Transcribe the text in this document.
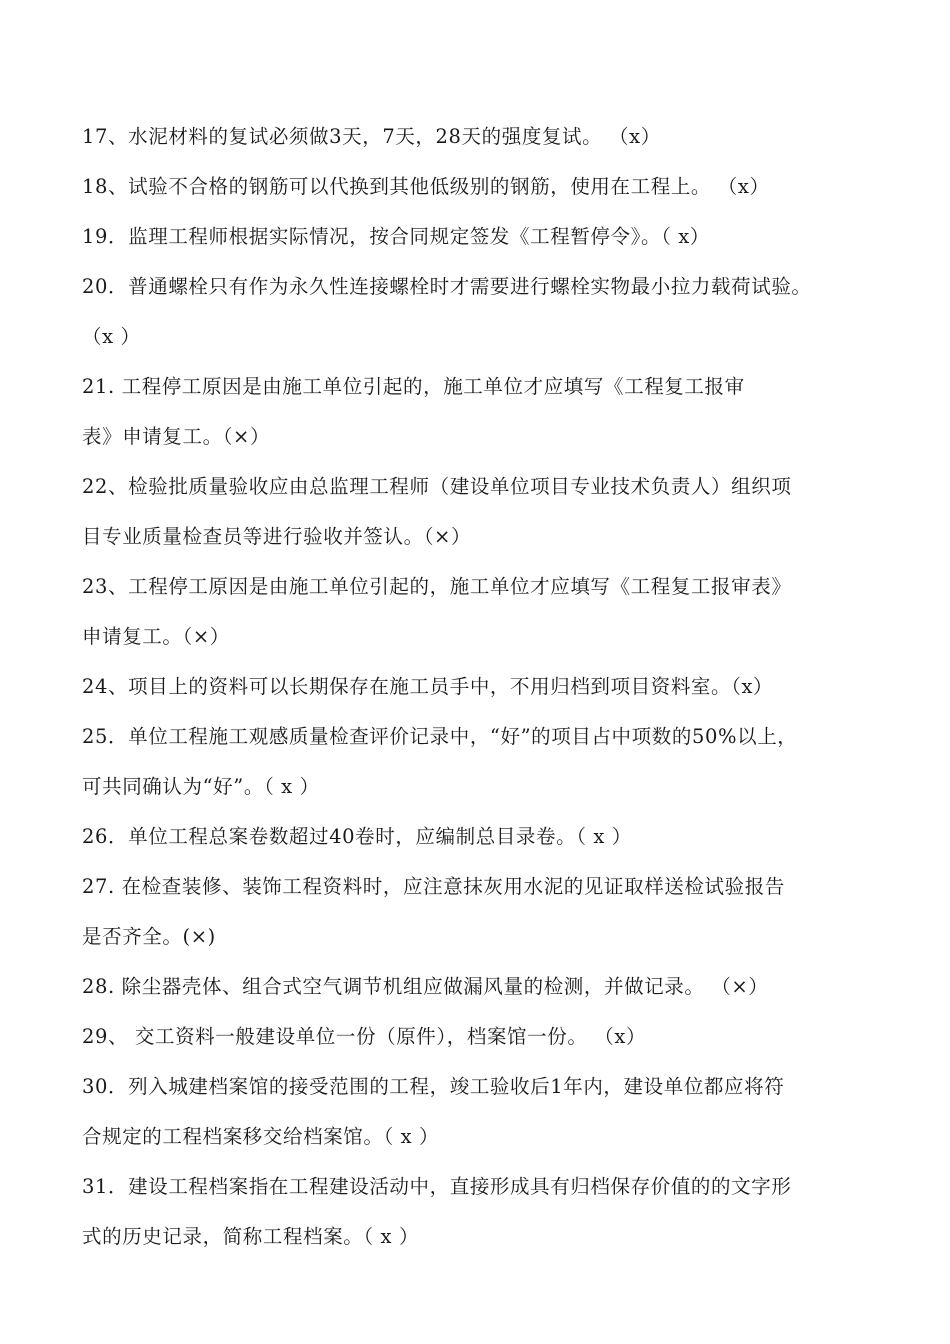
17、水泥材料的复试必须做3天，7天，28天的强度复试。 （x）
18、试验不合格的钢筋可以代换到其他低级别的钢筋，使用在工程上。 （x）
19．监理工程师根据实际情况，按合同规定签发《工程暂停令》。（ x）
20．普通螺栓只有作为永久性连接螺栓时才需要进行螺栓实物最小拉力载荷试验。
（x ）
21. 工程停工原因是由施工单位引起的，施工单位才应填写《工程复工报审
表》申请复工。（×）
22、检验批质量验收应由总监理工程师（建设单位项目专业技术负责人）组织项
目专业质量检查员等进行验收并签认。（×）
23、工程停工原因是由施工单位引起的，施工单位才应填写《工程复工报审表》
申请复工。（×）
24、项目上的资料可以长期保存在施工员手中，不用归档到项目资料室。（x）
25．单位工程施工观感质量检查评价记录中，“好”的项目占中项数的50%以上，
可共同确认为“好”。（ x ）
26．单位工程总案卷数超过40卷时，应编制总目录卷。（ x ）
27. 在检查装修、装饰工程资料时，应注意抹灰用水泥的见证取样送检试验报告
是否齐全。(×)
28. 除尘器壳体、组合式空气调节机组应做漏风量的检测，并做记录。 （×）
29、 交工资料一般建设单位一份（原件），档案馆一份。 （x）
30．列入城建档案馆的接受范围的工程，竣工验收后1年内，建设单位都应将符
合规定的工程档案移交给档案馆。（ x ）
31．建设工程档案指在工程建设活动中，直接形成具有归档保存价值的的文字形
式的历史记录，简称工程档案。（ x ）
